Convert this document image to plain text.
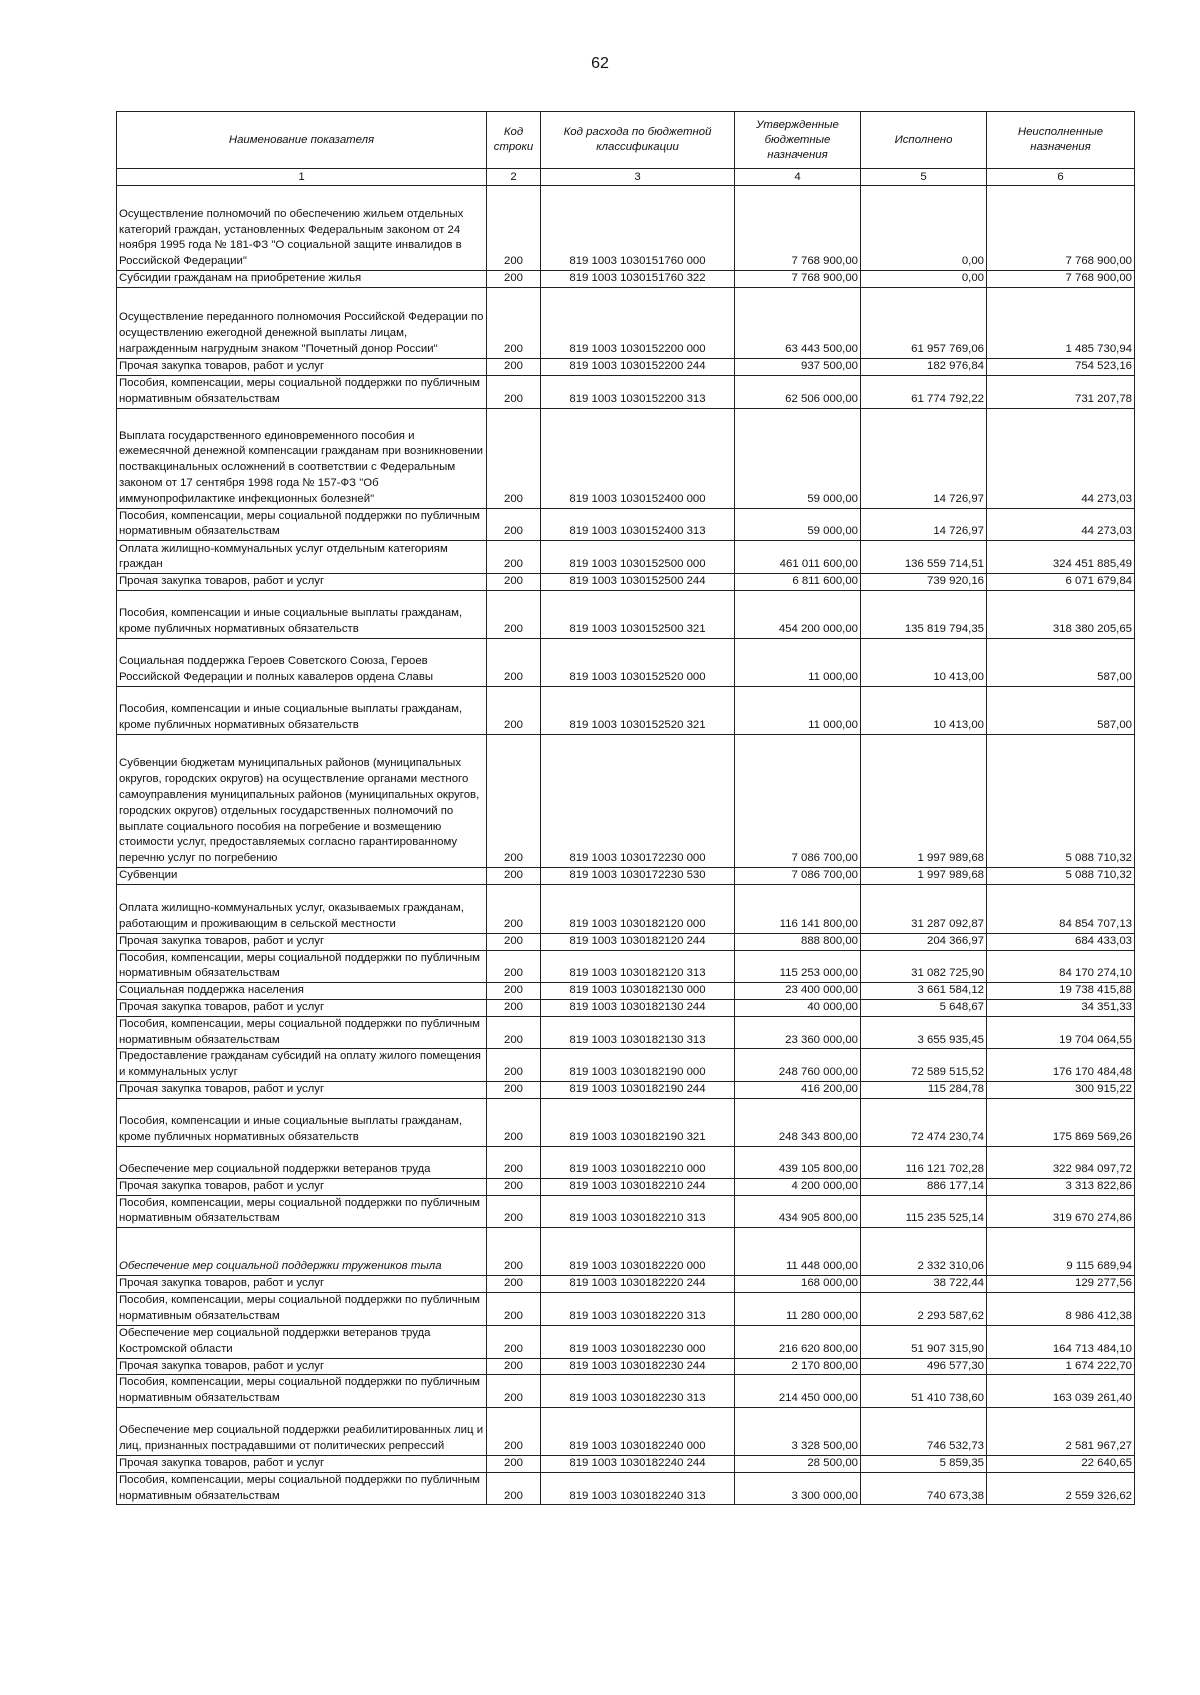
62
Наименование показателя	Код строки	Код расхода по бюджетной классификации	Утвержденные бюджетные назначения	Исполнено	Неисполненные назначения
1	2	3	4	5	6
Осуществление полномочий по обеспечению жильем отдельных категорий граждан, установленных Федеральным законом от 24 ноября 1995 года № 181-ФЗ "О социальной защите инвалидов в Российской Федерации"	200	819 1003 1030151760 000	7 768 900,00	0,00	7 768 900,00
Субсидии гражданам на приобретение жилья	200	819 1003 1030151760 322	7 768 900,00	0,00	7 768 900,00
Осуществление переданного полномочия Российской Федерации по осуществлению ежегодной денежной выплаты лицам, награжденным нагрудным знаком "Почетный донор России"	200	819 1003 1030152200 000	63 443 500,00	61 957 769,06	1 485 730,94
Прочая закупка товаров, работ и услуг	200	819 1003 1030152200 244	937 500,00	182 976,84	754 523,16
Пособия, компенсации, меры социальной поддержки по публичным нормативным обязательствам	200	819 1003 1030152200 313	62 506 000,00	61 774 792,22	731 207,78
Выплата государственного единовременного пособия и ежемесячной денежной компенсации гражданам при возникновении поствакцинальных осложнений в соответствии с Федеральным законом от 17 сентября 1998 года № 157-ФЗ "Об иммунопрофилактике инфекционных болезней"	200	819 1003 1030152400 000	59 000,00	14 726,97	44 273,03
Пособия, компенсации, меры социальной поддержки по публичным нормативным обязательствам	200	819 1003 1030152400 313	59 000,00	14 726,97	44 273,03
Оплата жилищно-коммунальных услуг отдельным категориям граждан	200	819 1003 1030152500 000	461 011 600,00	136 559 714,51	324 451 885,49
Прочая закупка товаров, работ и услуг	200	819 1003 1030152500 244	6 811 600,00	739 920,16	6 071 679,84
Пособия, компенсации и иные социальные выплаты гражданам, кроме публичных нормативных обязательств	200	819 1003 1030152500 321	454 200 000,00	135 819 794,35	318 380 205,65
Социальная поддержка Героев Советского Союза, Героев Российской Федерации и полных кавалеров ордена Славы	200	819 1003 1030152520 000	11 000,00	10 413,00	587,00
Пособия, компенсации и иные социальные выплаты гражданам, кроме публичных нормативных обязательств	200	819 1003 1030152520 321	11 000,00	10 413,00	587,00
Субвенции бюджетам муниципальных районов (муниципальных округов, городских округов) на осуществление органами местного самоуправления муниципальных районов (муниципальных округов, городских округов) отдельных государственных полномочий по выплате социального пособия на погребение и возмещению стоимости услуг, предоставляемых согласно гарантированному перечню услуг по погребению	200	819 1003 1030172230 000	7 086 700,00	1 997 989,68	5 088 710,32
Субвенции	200	819 1003 1030172230 530	7 086 700,00	1 997 989,68	5 088 710,32
Оплата жилищно-коммунальных услуг, оказываемых гражданам, работающим и проживающим в сельской местности	200	819 1003 1030182120 000	116 141 800,00	31 287 092,87	84 854 707,13
Прочая закупка товаров, работ и услуг	200	819 1003 1030182120 244	888 800,00	204 366,97	684 433,03
Пособия, компенсации, меры социальной поддержки по публичным нормативным обязательствам	200	819 1003 1030182120 313	115 253 000,00	31 082 725,90	84 170 274,10
Социальная поддержка населения	200	819 1003 1030182130 000	23 400 000,00	3 661 584,12	19 738 415,88
Прочая закупка товаров, работ и услуг	200	819 1003 1030182130 244	40 000,00	5 648,67	34 351,33
Пособия, компенсации, меры социальной поддержки по публичным нормативным обязательствам	200	819 1003 1030182130 313	23 360 000,00	3 655 935,45	19 704 064,55
Предоставление гражданам субсидий на оплату жилого помещения и коммунальных услуг	200	819 1003 1030182190 000	248 760 000,00	72 589 515,52	176 170 484,48
Прочая закупка товаров, работ и услуг	200	819 1003 1030182190 244	416 200,00	115 284,78	300 915,22
Пособия, компенсации и иные социальные выплаты гражданам, кроме публичных нормативных обязательств	200	819 1003 1030182190 321	248 343 800,00	72 474 230,74	175 869 569,26
Обеспечение мер социальной поддержки ветеранов труда	200	819 1003 1030182210 000	439 105 800,00	116 121 702,28	322 984 097,72
Прочая закупка товаров, работ и услуг	200	819 1003 1030182210 244	4 200 000,00	886 177,14	3 313 822,86
Пособия, компенсации, меры социальной поддержки по публичным нормативным обязательствам	200	819 1003 1030182210 313	434 905 800,00	115 235 525,14	319 670 274,86
Обеспечение мер социальной поддержки тружеников тыла	200	819 1003 1030182220 000	11 448 000,00	2 332 310,06	9 115 689,94
Прочая закупка товаров, работ и услуг	200	819 1003 1030182220 244	168 000,00	38 722,44	129 277,56
Пособия, компенсации, меры социальной поддержки по публичным нормативным обязательствам	200	819 1003 1030182220 313	11 280 000,00	2 293 587,62	8 986 412,38
Обеспечение мер социальной поддержки ветеранов труда Костромской области	200	819 1003 1030182230 000	216 620 800,00	51 907 315,90	164 713 484,10
Прочая закупка товаров, работ и услуг	200	819 1003 1030182230 244	2 170 800,00	496 577,30	1 674 222,70
Пособия, компенсации, меры социальной поддержки по публичным нормативным обязательствам	200	819 1003 1030182230 313	214 450 000,00	51 410 738,60	163 039 261,40
Обеспечение мер социальной поддержки реабилитированных лиц и лиц, признанных пострадавшими от политических репрессий	200	819 1003 1030182240 000	3 328 500,00	746 532,73	2 581 967,27
Прочая закупка товаров, работ и услуг	200	819 1003 1030182240 244	28 500,00	5 859,35	22 640,65
Пособия, компенсации, меры социальной поддержки по публичным нормативным обязательствам	200	819 1003 1030182240 313	3 300 000,00	740 673,38	2 559 326,62
